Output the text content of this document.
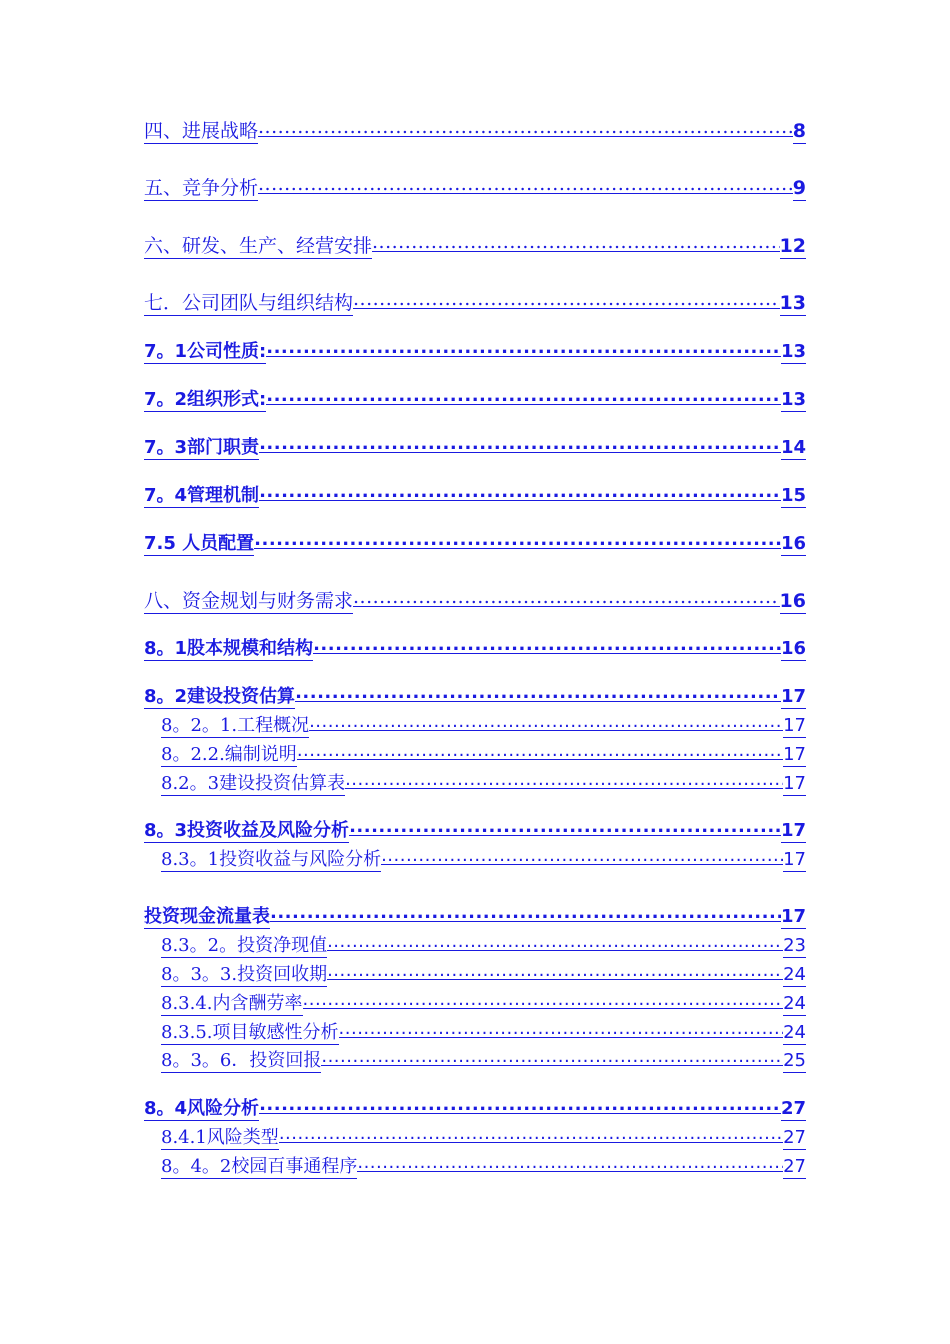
四、进展战略 .....	8
五、竞争分析 .....	9
六、研发、生产、经营安排 .....	12
七．公司团队与组织结构 .....	13
7。1公司性质: .....	13
7。2组织形式: .....	13
7。3部门职责 .....	14
7。4管理机制 .....	15
7.5 人员配置 .....	16
八、资金规划与财务需求 .....	16
8。1股本规模和结构 .....	16
8。2建设投资估算 .....	17
8。2。1.工程概况 .....	17
8。2.2.编制说明 .....	17
8.2。3建设投资估算表 .....	17
8。3投资收益及风险分析 .....	17
8.3。1投资收益与风险分析 .....	17
投资现金流量表 .....	17
8.3。2。投资净现值 .....	23
8。3。3.投资回收期 .....	24
8.3.4.内含酬劳率 .....	24
8.3.5.项目敏感性分析 .....	24
8。3。6．投资回报 .....	25
8。4风险分析 .....	27
8.4.1风险类型 .....	27
8。4。2校园百事通程序 .....	27
